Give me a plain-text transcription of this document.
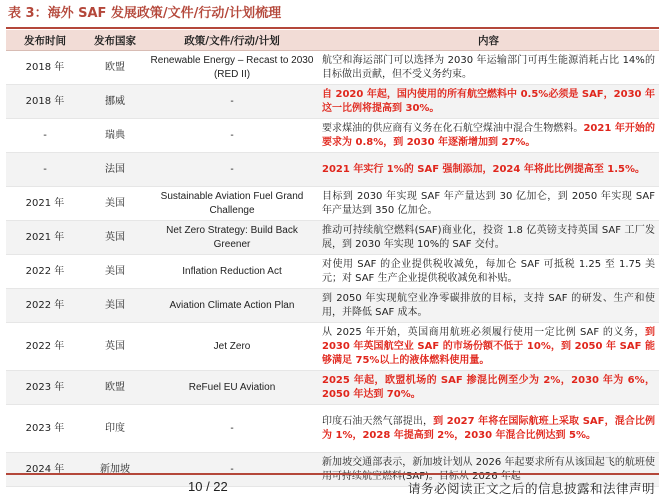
表 3：海外 SAF 发展政策/文件/行动/计划梳理
发布时间	发布国家	政策/文件/行动/计划	内容
2018 年	欧盟	Renewable Energy – Recast to 2030 (RED II)	航空和海运部门可以选择为 2030 年运输部门可再生能源消耗占比 14%的目标做出贡献，但不受义务约束。
2018 年	挪威	-	自 2020 年起，国内使用的所有航空燃料中 0.5%必须是 SAF，2030 年这一比例将提高到 30%。
-	瑞典	-	要求煤油的供应商有义务在化石航空煤油中混合生物燃料。2021 年开始的要求为 0.8%，到 2030 年逐渐增加到 27%。
-	法国	-	2021 年实行 1%的 SAF 强制添加，2024 年将此比例提高至 1.5%。
2021 年	美国	Sustainable Aviation Fuel Grand Challenge	目标到 2030 年实现 SAF 年产量达到 30 亿加仑，到 2050 年实现 SAF 年产量达到 350 亿加仑。
2021 年	英国	Net Zero Strategy: Build Back Greener	推动可持续航空燃料(SAF)商业化，投资 1.8 亿英镑支持英国 SAF 工厂发展，到 2030 年实现 10%的 SAF 交付。
2022 年	美国	Inflation Reduction Act	对使用 SAF 的企业提供税收减免，每加仑 SAF 可抵税 1.25 至 1.75 美元；对 SAF 生产企业提供税收减免和补贴。
2022 年	美国	Aviation Climate Action Plan	到 2050 年实现航空业净零碳排放的目标，支持 SAF 的研发、生产和使用，并降低 SAF 成本。
2022 年	英国	Jet Zero	从 2025 年开始，英国商用航班必须履行使用一定比例 SAF 的义务，到 2030 年英国航空业 SAF 的市场份额不低于 10%，到 2050 年 SAF 能够满足 75%以上的液体燃料使用量。
2023 年	欧盟	ReFuel EU Aviation	2025 年起，欧盟机场的 SAF 掺混比例至少为 2%，2030 年为 6%，2050 年达到 70%。
2023 年	印度	-	印度石油天然气部提出，到 2027 年将在国际航班上采取 SAF，混合比例为 1%，2028 年提高到 2%，2030 年混合比例达到 5%。
2024 年	新加坡	-	新加坡交通部表示，新加坡计划从 2026 年起要求所有从该国起飞的航班使用可持续航空燃料(SAF)。目标从 2026 年起
10 / 22	请务必阅读正文之后的信息披露和法律声明
